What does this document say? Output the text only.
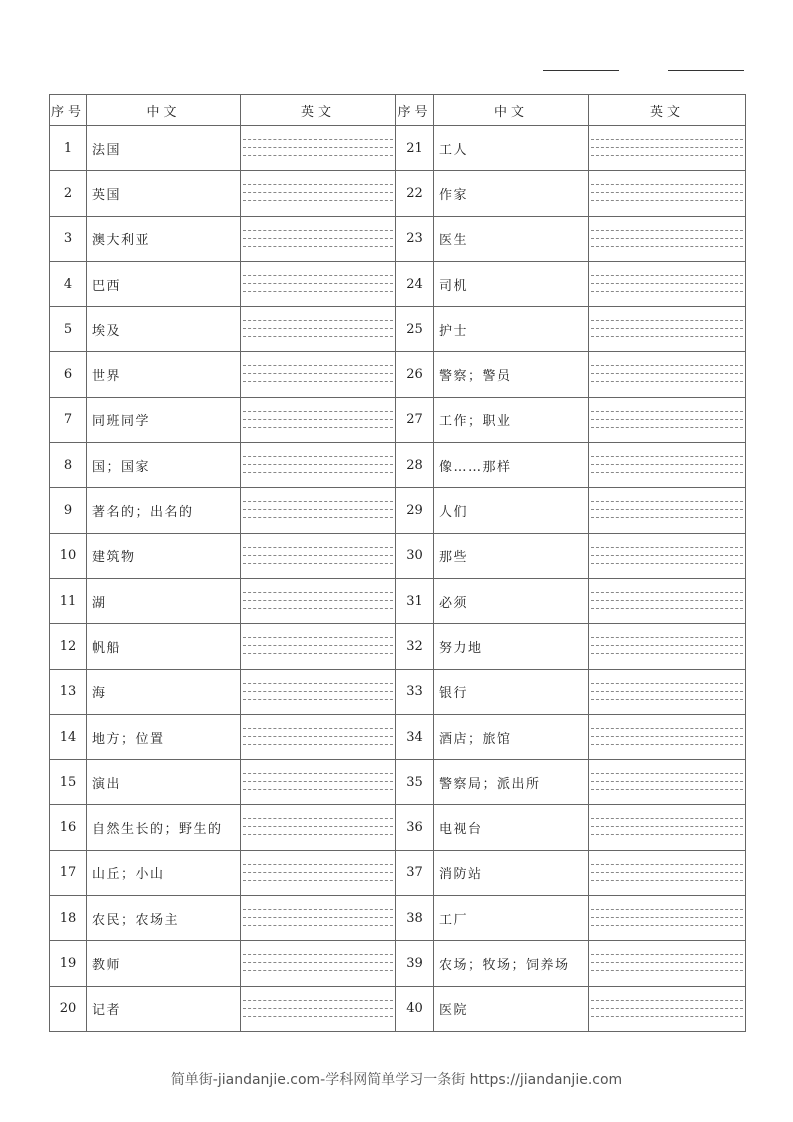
序号	中文	英文	序号	中文	英文
1	法国		21	工人	

2	英国		22	作家	

3	澳大利亚		23	医生	

4	巴西		24	司机	

5	埃及		25	护士	

6	世界		26	警察；警员	

7	同班同学		27	工作；职业	

8	国；国家		28	像……那样	

9	著名的；出名的		29	人们	

10	建筑物		30	那些	

11	湖		31	必须	

12	帆船		32	努力地	

13	海		33	银行	

14	地方；位置		34	酒店；旅馆	

15	演出		35	警察局；派出所	

16	自然生长的；野生的		36	电视台	

17	山丘；小山		37	消防站	

18	农民；农场主		38	工厂	

19	教师		39	农场；牧场；饲养场	

20	记者		40	医院	
简单街-jiandanjie.com-学科网简单学习一条街 https://jiandanjie.com
